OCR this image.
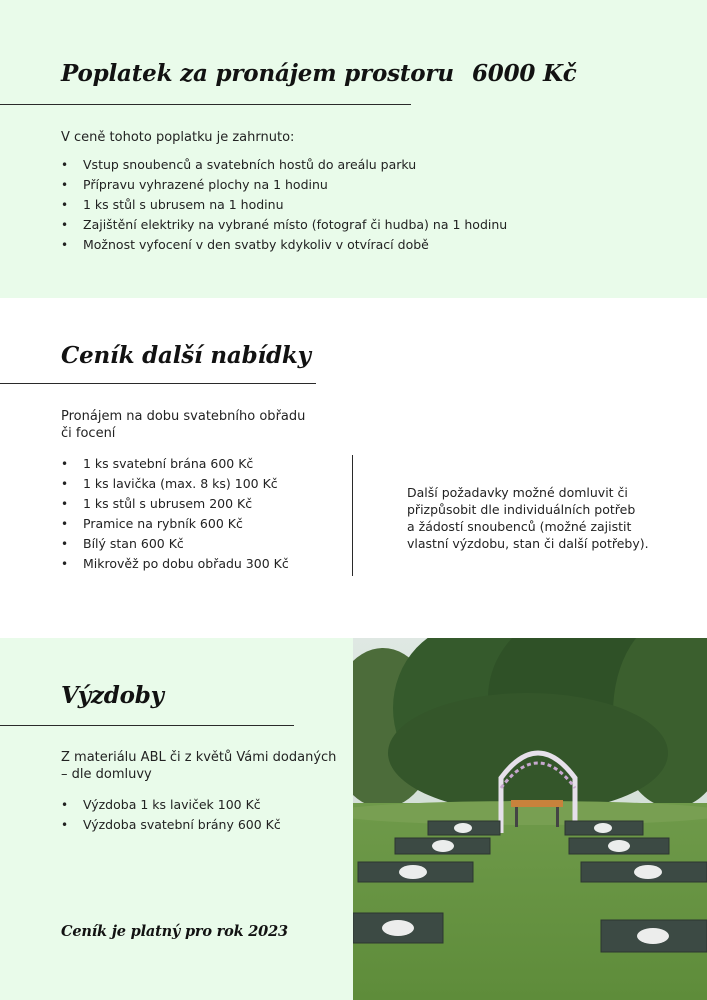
Poplatek za pronájem prostoru 6000 Kč
V ceně tohoto poplatku je zahrnuto:
• Vstup snoubenců a svatebních hostů do areálu parku
• Přípravu vyhrazené plochy na 1 hodinu
• 1 ks stůl s ubrusem na 1 hodinu
• Zajištění elektriky na vybrané místo (fotograf či hudba) na 1 hodinu
• Možnost vyfocení v den svatby kdykoliv v otvírací době
Ceník další nabídky
Pronájem na dobu svatebního obřadu
či focení
• 1 ks svatební brána 600 Kč
• 1 ks lavička (max. 8 ks) 100 Kč
• 1 ks stůl s ubrusem 200 Kč
• Pramice na rybník 600 Kč
• Bílý stan 600 Kč
• Mikrověž po dobu obřadu 300 Kč
Další požadavky možné domluvit či
přizpůsobit dle individuálních potřeb
a žádostí snoubenců (možné zajistit
vlastní výzdobu, stan či další potřeby).
Výzdoby
Z materiálu ABL či z květů Vámi dodaných
– dle domluvy
• Výzdoba 1 ks laviček 100 Kč
• Výzdoba svatební brány 600 Kč
Ceník je platný pro rok 2023
